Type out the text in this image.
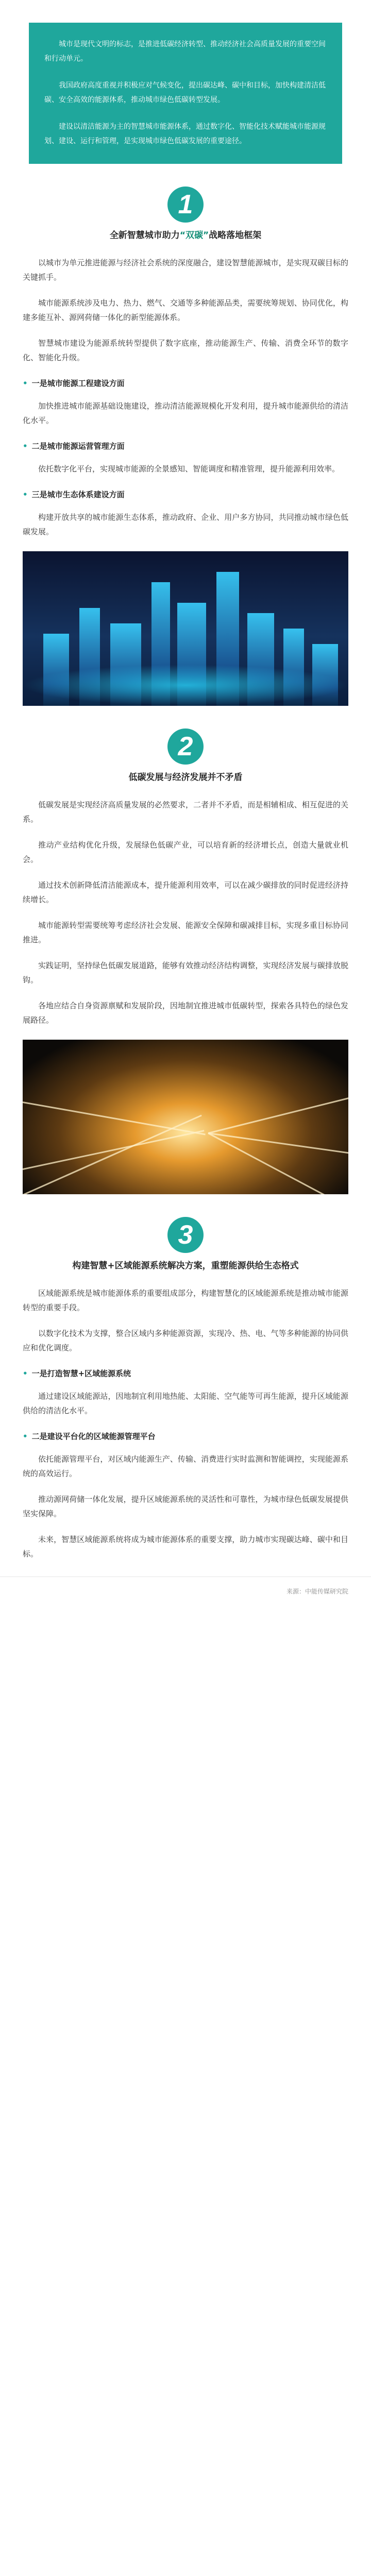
城市是现代文明的标志，是推进低碳经济转型、推动经济社会高质量发展的重要空间和行动单元。

我国政府高度重视并积极应对气候变化，提出碳达峰、碳中和目标，加快构建清洁低碳、安全高效的能源体系，推动城市绿色低碳转型发展。

建设以清洁能源为主的智慧城市能源体系，通过数字化、智能化技术赋能城市能源规划、建设、运行和管理，是实现城市绿色低碳发展的重要途径。

1
全新智慧城市助力“双碳”战略落地框架

以城市为单元推进能源与经济社会系统的深度融合，建设智慧能源城市，是实现双碳目标的关键抓手。

城市能源系统涉及电力、热力、燃气、交通等多种能源品类，需要统筹规划、协同优化，构建多能互补、源网荷储一体化的新型能源体系。

智慧城市建设为能源系统转型提供了数字底座，推动能源生产、传输、消费全环节的数字化、智能化升级。

• 一是城市能源工程建设方面

加快推进城市能源基础设施建设，推动清洁能源规模化开发利用，提升城市能源供给的清洁化水平。

• 二是城市能源运营管理方面

依托数字化平台，实现城市能源的全景感知、智能调度和精准管理，提升能源利用效率。

• 三是城市生态体系建设方面

构建开放共享的城市能源生态体系，推动政府、企业、用户多方协同，共同推动城市绿色低碳发展。

2
低碳发展与经济发展并不矛盾

低碳发展是实现经济高质量发展的必然要求，二者并不矛盾，而是相辅相成、相互促进的关系。

推动产业结构优化升级，发展绿色低碳产业，可以培育新的经济增长点，创造大量就业机会。

通过技术创新降低清洁能源成本，提升能源利用效率，可以在减少碳排放的同时促进经济持续增长。

城市能源转型需要统筹考虑经济社会发展、能源安全保障和碳减排目标，实现多重目标协同推进。

实践证明，坚持绿色低碳发展道路，能够有效推动经济结构调整，实现经济发展与碳排放脱钩。

各地应结合自身资源禀赋和发展阶段，因地制宜推进城市低碳转型，探索各具特色的绿色发展路径。

3
构建智慧+区域能源系统解决方案，重塑能源供给生态格式

区域能源系统是城市能源体系的重要组成部分，构建智慧化的区域能源系统是推动城市能源转型的重要手段。

以数字化技术为支撑，整合区域内多种能源资源，实现冷、热、电、气等多种能源的协同供应和优化调度。

• 一是打造智慧+区域能源系统

通过建设区域能源站，因地制宜利用地热能、太阳能、空气能等可再生能源，提升区域能源供给的清洁化水平。

• 二是建设平台化的区域能源管理平台

依托能源管理平台，对区域内能源生产、传输、消费进行实时监测和智能调控，实现能源系统的高效运行。

推动源网荷储一体化发展，提升区域能源系统的灵活性和可靠性，为城市绿色低碳发展提供坚实保障。

未来，智慧区域能源系统将成为城市能源体系的重要支撑，助力城市实现碳达峰、碳中和目标。

来源：中能传媒研究院
